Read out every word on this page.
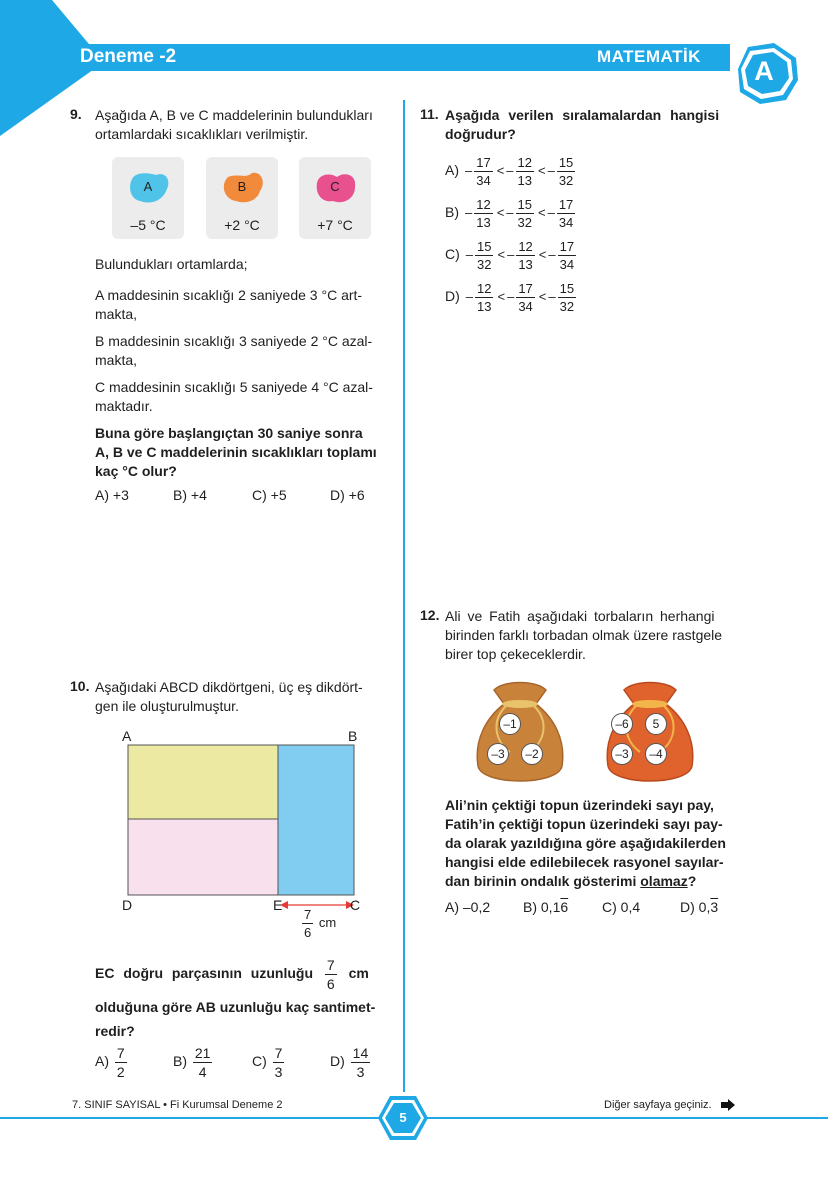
Deneme -2	MATEMATİK	A
9. Aşağıda A, B ve C maddelerinin bulundukları
ortamlardaki sıcaklıkları verilmiştir.
A
–5 °C
B
+2 °C
C
+7 °C
Bulundukları ortamlarda;
A maddesinin sıcaklığı 2 saniyede 3 °C art-
makta,
B maddesinin sıcaklığı 3 saniyede 2 °C azal-
makta,
C maddesinin sıcaklığı 5 saniyede 4 °C azal-
maktadır.
Buna göre başlangıçtan 30 saniye sonra
A, B ve C maddelerinin sıcaklıkları toplamı
kaç °C olur?
A) +3	B) +4	C) +5	D) +6
10. Aşağıdaki ABCD dikdörtgeni, üç eş dikdört-
gen ile oluşturulmuştur.
A	B
D	E	C
$\frac{7}{6}$ cm
EC doğru parçasının uzunluğu $\frac{7}{6}$ cm
olduğuna göre AB uzunluğu kaç santimet-
redir?
$A) \frac{7}{2}$	$B) \frac{21}{4}$	$C) \frac{7}{3}$	$D) \frac{14}{3}$
11. Aşağıda verilen sıralamalardan hangisi
doğrudur?
$A) - \frac{17}{34}$ < – $\frac{12}{13}$ < – $\frac{15}{32}$
$B) - \frac{12}{13}$ < – $\frac{15}{32}$ < – $\frac{17}{34}$
$C) - \frac{15}{32}$ < – $\frac{12}{13}$ < – $\frac{17}{34}$
$D) - \frac{12}{13}$ < – $\frac{17}{34}$ < – $\frac{15}{32}$
12. Ali ve Fatih aşağıdaki torbaların herhangi
birinden farklı torbadan olmak üzere rastgele
birer top çekeceklerdir.
–1
–3	–2
–6	5
–3	–4
Ali’nin çektiği topun üzerindeki sayı pay,
Fatih’in çektiği topun üzerindeki sayı pay-
da olarak yazıldığına göre aşağıdakilerden
hangisi elde edilebilecek rasyonel sayılar-
dan birinin ondalık gösterimi olamaz?
A) –0,2 B) 0,16 C) 0,4	D) 0,3
7. SINIF SAYISAL • Fi Kurumsal Deneme 2
5
Diğer sayfaya geçiniz.
